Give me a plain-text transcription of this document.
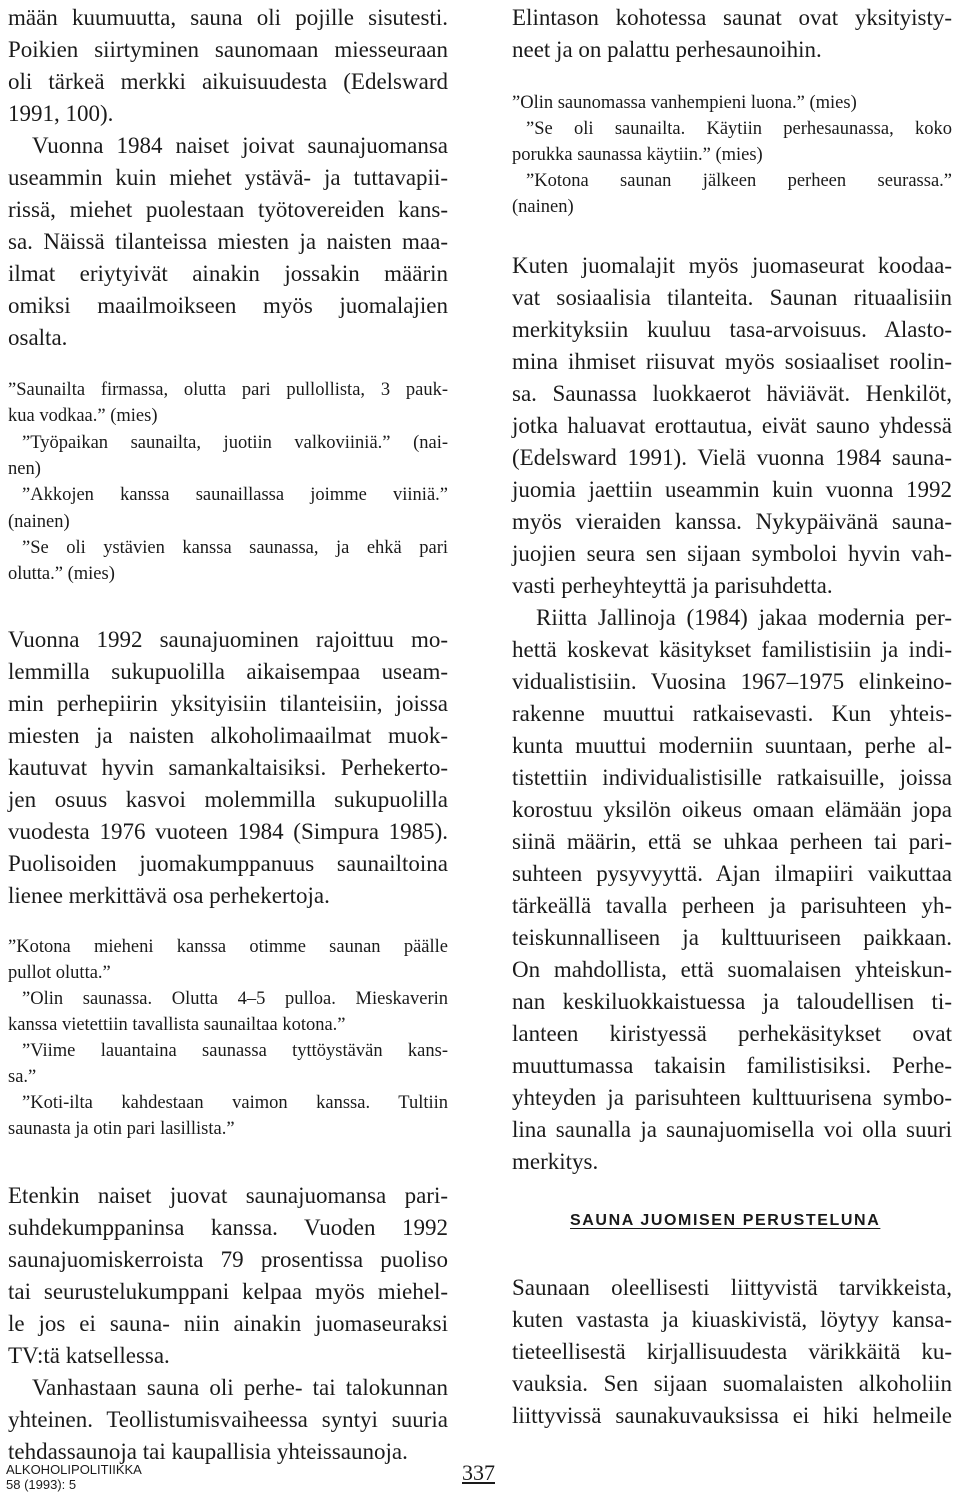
mään kuumuutta, sauna oli pojille sisutesti.
Poikien siirtyminen saunomaan miesseuraan
oli tärkeä merkki aikuisuudesta (Edelsward
1991, 100).
Vuonna 1984 naiset joivat saunajuomansa
useammin kuin miehet ystävä- ja tuttavapii-
rissä, miehet puolestaan työtovereiden kans-
sa. Näissä tilanteissa miesten ja naisten maa-
ilmat eriytyivät ainakin jossakin määrin
omiksi maailmoikseen myös juomalajien
osalta.
”Saunailta firmassa, olutta pari pullollista, 3 pauk-
kua vodkaa.” (mies)
”Työpaikan saunailta, juotiin valkoviiniä.” (nai-
nen)
”Akkojen kanssa saunaillassa joimme viiniä.”
(nainen)
”Se oli ystävien kanssa saunassa, ja ehkä pari
olutta.” (mies)
Vuonna 1992 saunajuominen rajoittuu mo-
lemmilla sukupuolilla aikaisempaa useam-
min perhepiirin yksityisiin tilanteisiin, joissa
miesten ja naisten alkoholimaailmat muok-
kautuvat hyvin samankaltaisiksi. Perhekerto-
jen osuus kasvoi molemmilla sukupuolilla
vuodesta 1976 vuoteen 1984 (Simpura 1985).
Puolisoiden juomakumppanuus saunailtoina
lienee merkittävä osa perhekertoja.
”Kotona mieheni kanssa otimme saunan päälle
pullot olutta.”
”Olin saunassa. Olutta 4–5 pulloa. Mieskaverin
kanssa vietettiin tavallista saunailtaa kotona.”
”Viime lauantaina saunassa tyttöystävän kans-
sa.”
”Koti-ilta kahdestaan vaimon kanssa. Tultiin
saunasta ja otin pari lasillista.”
Etenkin naiset juovat saunajuomansa pari-
suhdekumppaninsa kanssa. Vuoden 1992
saunajuomiskerroista 79 prosentissa puoliso
tai seurustelukumppani kelpaa myös miehel-
le jos ei sauna- niin ainakin juomaseuraksi
TV:tä katsellessa.
Vanhastaan sauna oli perhe- tai talokunnan
yhteinen. Teollistumisvaiheessa syntyi suuria
tehdassaunoja tai kaupallisia yhteissaunoja.
Elintason kohotessa saunat ovat yksityisty-
neet ja on palattu perhesaunoihin.
”Olin saunomassa vanhempieni luona.” (mies)
”Se oli saunailta. Käytiin perhesaunassa, koko
porukka saunassa käytiin.” (mies)
”Kotona saunan jälkeen perheen seurassa.”
(nainen)
Kuten juomalajit myös juomaseurat koodaa-
vat sosiaalisia tilanteita. Saunan rituaalisiin
merkityksiin kuuluu tasa-arvoisuus. Alasto-
mina ihmiset riisuvat myös sosiaaliset roolin-
sa. Saunassa luokkaerot häviävät. Henkilöt,
jotka haluavat erottautua, eivät sauno yhdessä
(Edelsward 1991). Vielä vuonna 1984 sauna-
juomia jaettiin useammin kuin vuonna 1992
myös vieraiden kanssa. Nykypäivänä sauna-
juojien seura sen sijaan symboloi hyvin vah-
vasti perheyhteyttä ja parisuhdetta.
Riitta Jallinoja (1984) jakaa modernia per-
hettä koskevat käsitykset familistisiin ja indi-
vidualistisiin. Vuosina 1967–1975 elinkeino-
rakenne muuttui ratkaisevasti. Kun yhteis-
kunta muuttui moderniin suuntaan, perhe al-
tistettiin individualistisille ratkaisuille, joissa
korostuu yksilön oikeus omaan elämään jopa
siinä määrin, että se uhkaa perheen tai pari-
suhteen pysyvyyttä. Ajan ilmapiiri vaikuttaa
tärkeällä tavalla perheen ja parisuhteen yh-
teiskunnalliseen ja kulttuuriseen paikkaan.
On mahdollista, että suomalaisen yhteiskun-
nan keskiluokkaistuessa ja taloudellisen ti-
lanteen kiristyessä perhekäsitykset ovat
muuttumassa takaisin familistisiksi. Perhe-
yhteyden ja parisuhteen kulttuurisena symbo-
lina saunalla ja saunajuomisella voi olla suuri
merkitys.
Saunaan oleellisesti liittyvistä tarvikkeista,
kuten vastasta ja kiuaskivistä, löytyy kansa-
tieteellisestä kirjallisuudesta värikkäitä ku-
vauksia. Sen sijaan suomalaisten alkoholiin
liittyvissä saunakuvauksissa ei hiki helmeile
SAUNA JUOMISEN PERUSTELUNA
ALKOHOLIPOLITIIKKA
58 (1993): 5	337
